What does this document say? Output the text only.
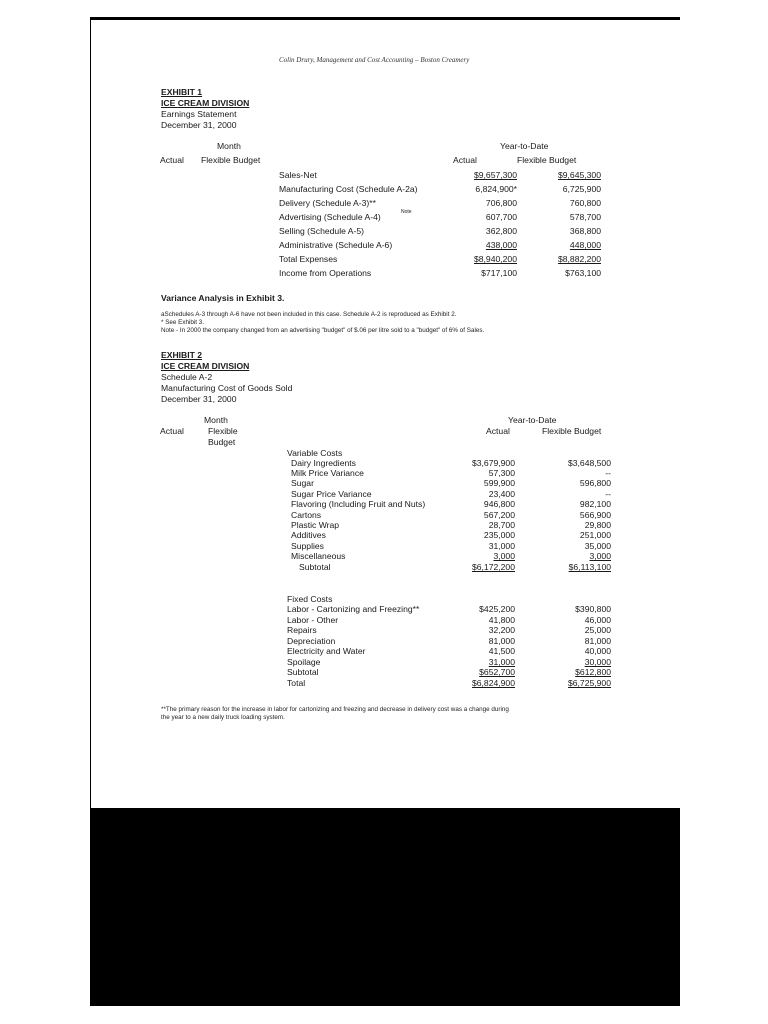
Colin Drury, Management and Cost Accounting – Boston Creamery
EXHIBIT 1
ICE CREAM DIVISION
Earnings Statement
December 31, 2000
Month
Actual Flexible Budget
Year-to-Date
Actual	Flexible Budget
Sales-Net	$9,657,300	$9,645,300
Manufacturing Cost (Schedule A-2a)	6,824,900*	6,725,900
Delivery (Schedule A-3)**	706,800	760,800
Advertising (Schedule A-4)	Note	607,700	578,700
Selling (Schedule A-5)	362,800	368,800
Administrative (Schedule A-6)	438,000	448,000
Total Expenses	$8,940,200	$8,882,200
Income from Operations	$717,100	$763,100
Variance Analysis in Exhibit 3.
aSchedules A-3 through A-6 have not been included in this case. Schedule A-2 is reproduced as Exhibit 2.
* See Exhibit 3.
Note - In 2000 the company changed from an advertising "budget" of $.06 per litre sold to a "budget" of 6% of Sales.
EXHIBIT 2
ICE CREAM DIVISION
Schedule A-2
Manufacturing Cost of Goods Sold
December 31, 2000
Month
Actual	Flexible
Budget
Year-to-Date
Actual	Flexible Budget
Variable Costs
Dairy Ingredients	$3,679,900	$3,648,500
Milk Price Variance	57,300	--
Sugar	599,900	596,800
Sugar Price Variance	23,400	--
Flavoring (Including Fruit and Nuts)	946,800	982,100
Cartons	567,200	566,900
Plastic Wrap	28,700	29,800
Additives	235,000	251,000
Supplies	31,000	35,000
Miscellaneous	3,000	3,000
Subtotal	$6,172,200	$6,113,100
Fixed Costs
Labor - Cartonizing and Freezing**	$425,200	$390,800
Labor - Other	41,800	46,000
Repairs	32,200	25,000
Depreciation	81,000	81,000
Electricity and Water	41,500	40,000
Spoilage	31,000	30,000
Subtotal	$652,700	$612,800
Total	$6,824,900	$6,725,900
**The primary reason for the increase in labor for cartonizing and freezing and decrease in delivery cost was a change during
the year to a new daily truck loading system.
